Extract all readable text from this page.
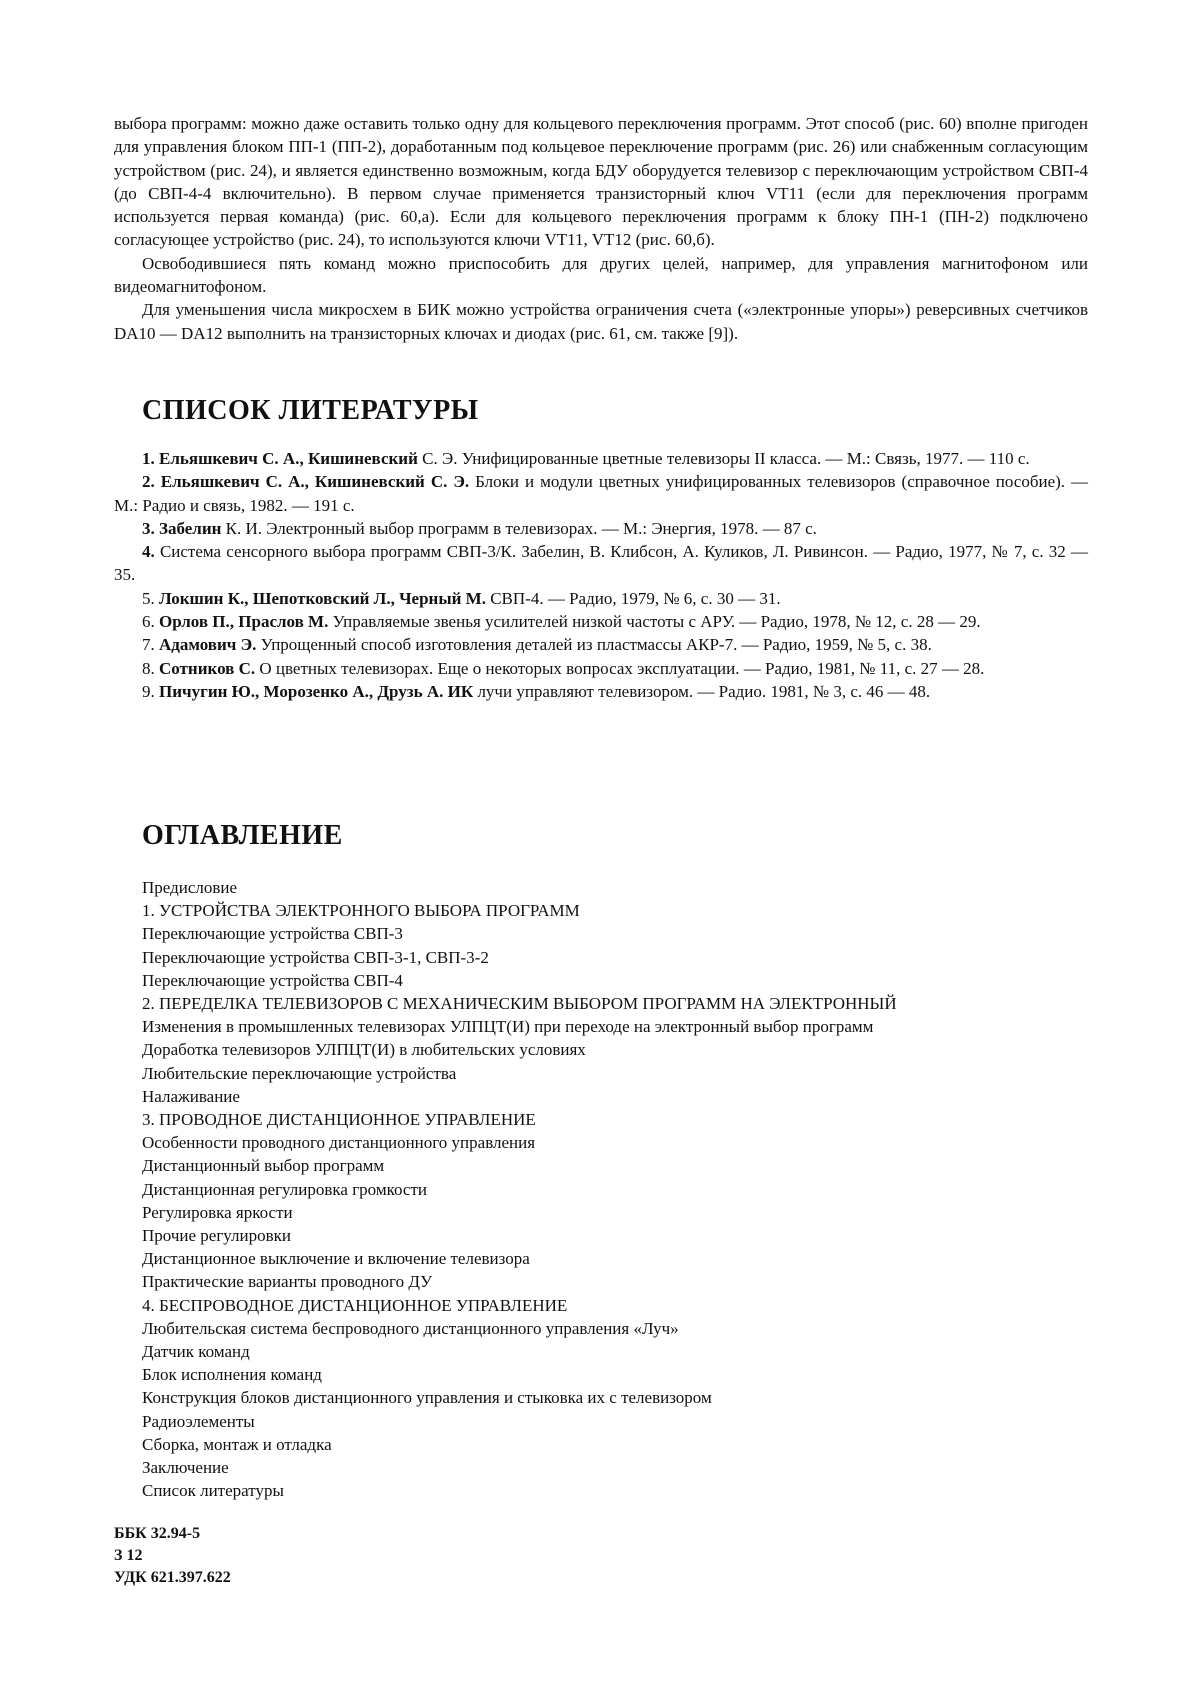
выбора программ: можно даже оставить только одну для кольцевого переключения программ. Этот способ (рис. 60) вполне пригоден для управления блоком ПП-1 (ПП-2), доработанным под кольцевое переключение программ (рис. 26) или снабженным согласующим устройством (рис. 24), и является единственно возможным, когда БДУ оборудуется телевизор с переключающим устройством СВП-4 (до СВП-4-4 включительно). В первом случае применяется транзисторный ключ VT11 (если для переключения программ используется первая команда) (рис. 60,а). Если для кольцевого переключения программ к блоку ПН-1 (ПН-2) подключено согласующее устройство (рис. 24), то используются ключи VT11, VT12 (рис. 60,б).

Освободившиеся пять команд можно приспособить для других целей, например, для управления магнитофоном или видеомагнитофоном.

Для уменьшения числа микросхем в БИК можно устройства ограничения счета («электронные упоры») реверсивных счетчиков DA10 — DA12 выполнить на транзисторных ключах и диодах (рис. 61, см. также [9]).

СПИСОК ЛИТЕРАТУРЫ

1. Ельяшкевич С. А., Кишиневский С. Э. Унифицированные цветные телевизоры II класса. — М.: Связь, 1977. — 110 с.

2. Ельяшкевич С. А., Кишиневский С. Э. Блоки и модули цветных унифицированных телевизоров (справочное пособие). — М.: Радио и связь, 1982. — 191 с.

3. Забелин К. И. Электронный выбор программ в телевизорах. — М.: Энергия, 1978. — 87 с.

4. Система сенсорного выбора программ СВП-3/К. Забелин, В. Клибсон, А. Куликов, Л. Ривинсон. — Радио, 1977, № 7, с. 32 — 35.

5. Локшин К., Шепотковский Л., Черный М. СВП-4. — Радио, 1979, № 6, с. 30 — 31.

6. Орлов П., Праслов М. Управляемые звенья усилителей низкой частоты с АРУ. — Радио, 1978, № 12, с. 28 — 29.

7. Адамович Э. Упрощенный способ изготовления деталей из пластмассы АКР-7. — Радио, 1959, № 5, с. 38.

8. Сотников С. О цветных телевизорах. Еще о некоторых вопросах эксплуатации. — Радио, 1981, № 11, с. 27 — 28.

9. Пичугин Ю., Морозенко А., Друзь А. ИК лучи управляют телевизором. — Радио. 1981, № 3, с. 46 — 48.

ОГЛАВЛЕНИЕ
Предисловие
1. УСТРОЙСТВА ЭЛЕКТРОННОГО ВЫБОРА ПРОГРАММ
Переключающие устройства СВП-3
Переключающие устройства СВП-3-1, СВП-3-2
Переключающие устройства СВП-4
2. ПЕРЕДЕЛКА ТЕЛЕВИЗОРОВ С МЕХАНИЧЕСКИМ ВЫБОРОМ ПРОГРАММ НА ЭЛЕКТРОННЫЙ
Изменения в промышленных телевизорах УЛПЦТ(И) при переходе на электронный выбор программ
Доработка телевизоров УЛПЦТ(И) в любительских условиях
Любительские переключающие устройства
Налаживание
3. ПРОВОДНОЕ ДИСТАНЦИОННОЕ УПРАВЛЕНИЕ
Особенности проводного дистанционного управления
Дистанционный выбор программ
Дистанционная регулировка громкости
Регулировка яркости
Прочие регулировки
Дистанционное выключение и включение телевизора
Практические варианты проводного ДУ
4. БЕСПРОВОДНОЕ ДИСТАНЦИОННОЕ УПРАВЛЕНИЕ
Любительская система беспроводного дистанционного управления «Луч»
Датчик команд
Блок исполнения команд
Конструкция блоков дистанционного управления и стыковка их с телевизором
Радиоэлементы
Сборка, монтаж и отладка
Заключение
Список литературы
ББК 32.94-5
З 12
УДК 621.397.622
